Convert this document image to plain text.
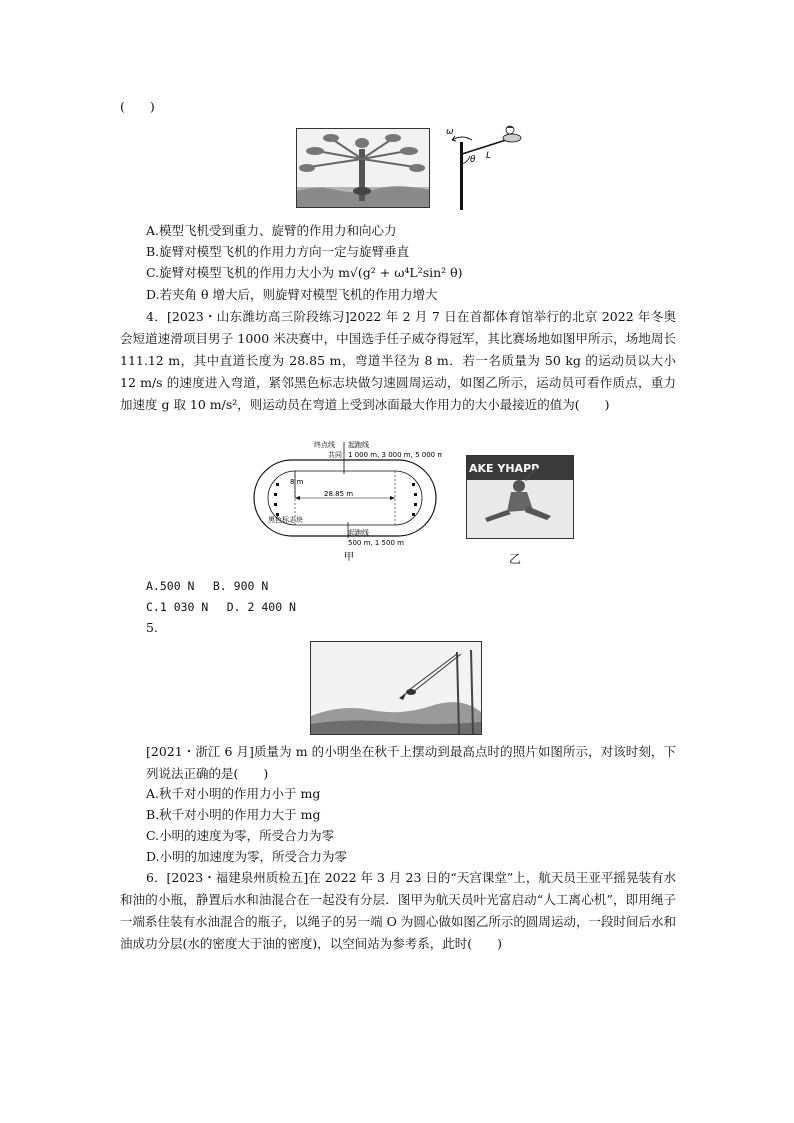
(　　)
ω
θ L
A.模型飞机受到重力、旋臂的作用力和向心力
B.旋臂对模型飞机的作用力方向一定与旋臂垂直
C.旋臂对模型飞机的作用力大小为 m√(g² + ω⁴L²sin² θ)
D.若夹角 θ 增大后，则旋臂对模型飞机的作用力增大
4．[2023・山东潍坊高三阶段练习]2022 年 2 月 7 日在首都体育馆举行的北京 2022 年冬奥会短道速滑项目男子 1000 米决赛中，中国选手任子威夺得冠军，其比赛场地如图甲所示，场地周长 111.12 m，其中直道长度为 28.85 m，弯道半径为 8 m．若一名质量为 50 kg 的运动员以大小 12 m/s 的速度进入弯道，紧邻黑色标志块做匀速圆周运动，如图乙所示，运动员可看作质点，重力加速度 g 取 10 m/s²，则运动员在弯道上受到冰面最大作用力的大小最接近的值为(　　)
终点线 起跑线
共同 1 000 m, 3 000 m, 5 000 m
8 m
28.85 m
黑色标志块
起跑线
500 m, 1 500 m
甲
AKE YHAPP
乙
A.500 N　 B. 900 N
C.1 030 N　 D. 2 400 N
5.
[2021・浙江 6 月]质量为 m 的小明坐在秋千上摆动到最高点时的照片如图所示，对该时刻，下列说法正确的是(　　)
A.秋千对小明的作用力小于 mg
B.秋千对小明的作用力大于 mg
C.小明的速度为零，所受合力为零
D.小明的加速度为零，所受合力为零
6．[2023・福建泉州质检五]在 2022 年 3 月 23 日的“天宫课堂”上，航天员王亚平摇晃装有水和油的小瓶，静置后水和油混合在一起没有分层．图甲为航天员叶光富启动“人工离心机”，即用绳子一端系住装有水油混合的瓶子，以绳子的另一端 O 为圆心做如图乙所示的圆周运动，一段时间后水和油成功分层(水的密度大于油的密度)，以空间站为参考系，此时(　　)
